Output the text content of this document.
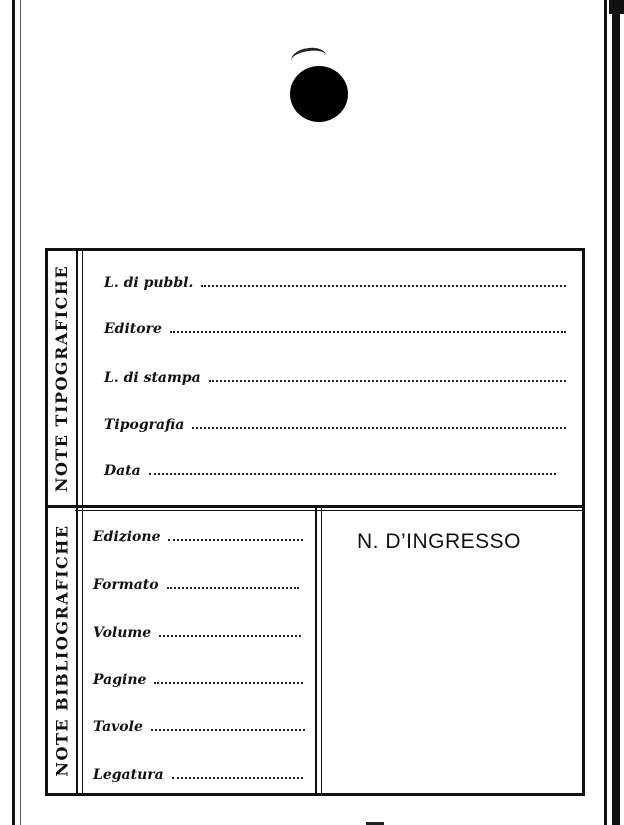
NOTE TIPOGRAFICHE
NOTE BIBLIOGRAFICHE
L. di pubbl.
Editore
L. di stampa
Tipografia
Data
Edizione
Formato
Volume
Pagine
Tavole
Legatura
N. D’INGRESSO
